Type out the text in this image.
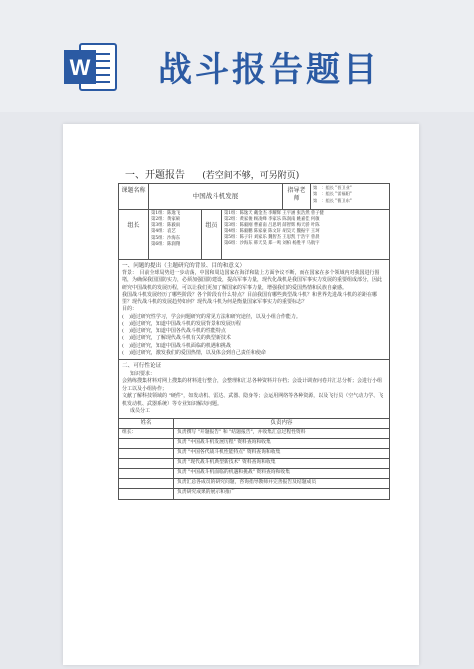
W 战斗报告题目
一、开题报告 (若空间不够，可另附页)
课题名称
中国战斗机发展
指导老师
第　：组长 "晋卫业"
第　：组长 "雷福阳"
第　：组长 "曹卫东"
组长
第1组：陈逸飞
第2组：黄家硕
第3组：陈毅雨
第4组：袁艺
第5组：沙海东
第6组：陈润翔
组员
第1组：陈逸天 戴金杰 李耀辉 王宇涵 张浩然 曾子健
第2组：黄家俊 顾凌峰 李家乐 陈润南 姚嘉佳 何敏
第3组：陈毅刚 曹嘉南 吕思明 薛智辉 梅天骄 叶陈
第4组：陈毅鹏 陈家豪 陈文轩 胡昊天 魏振宇 王珂
第5组：陈子轩 刘家乐 魏智杰 王思凯 于浩宇 曾晨
第6组：沙海东 韩天昊 郑一鸣 刘柏 杨胜平 马航宇
一、问题的提出（主题研究的背景、目的和意义）

背景：　目前全球局势进一步动荡，中国和周边国家在海洋和陆上方面争议不断，而在国家在多个领域内对我国进行围堵，为确保我国国防实力，必须加强国防建设，提高军事力量，现代化战机是我国军事实力发展的重要组成部分，因此研究中国战机的发展历程，可以让我们更加了解国家的军事力量，增强我们的爱国热情和民族自豪感。

我国战斗机发展经历了哪些阶段？各个阶段有什么特点？目前我国有哪些典型战斗机？和世界先进战斗机的差距在哪里？现代战斗机的发展趋势如何？现代战斗机为何是衡量国家军事实力的重要标志？

目的：
(　)通过研究性学习，学会问题研究的常见方法和研究途径，以及小组合作能力。
(　)通过研究，知道中国战斗机的发展背景和发展历程
(　)通过研究，知道中国各代战斗机的性能特点
(　)通过研究，了解现代战斗机有关的典型新技术
(　)通过研究，知道中国战斗机面临的机遇和挑战
(　)通过研究，激发我们的爱国热情，以及体会到自己责任和使命
二、可行性论证
知识要求：
会熟练搜集材料对网上搜集的材料进行整合，会整理和汇总各种资料并存档；会设计调查问卷并汇总分析；会进行小组分工以及小组协作；
文献了解科技领域的 "硬件"，如发动机、雷达、武器、隐身等；会运用网络等各种资源，以及飞行员（空气动力学、飞机发动机、武器系统）等专业知识解决问题。
成员分工
姓名	负责内容
组长：	负责撰写 "开题报告" 和 "结题报告"，并收集汇总过程性资料
负责 "中国战斗机发展历程" 资料查询和收集
负责 "中国各代战斗机性能特点" 资料查询和收集
负责 "现代战斗机典型新技术" 资料查询和收集
负责 "中国战斗机面临的机遇和挑战" 资料查询和收集
负责汇总各成员的研究问题，咨询指导教师并完善报告及结题成员
负责研究成果的展示和推广
